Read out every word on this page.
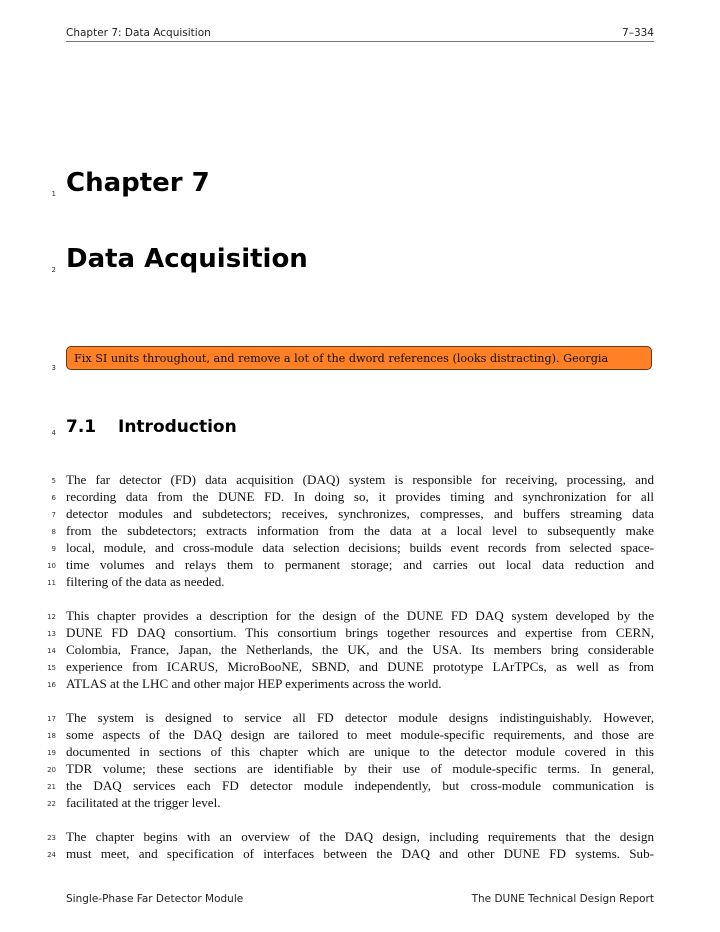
Chapter 7: Data Acquisition	7–334
1
2
3
4
5
6
7
8
9
10
11
12
13
14
15
16
17
18
19
20
21
22
23
24
Chapter 7
Data Acquisition
Fix SI units throughout, and remove a lot of the dword references (looks distracting). Georgia
7.1 Introduction
The far detector (FD) data acquisition (DAQ) system is responsible for receiving, processing, and
recording data from the DUNE FD. In doing so, it provides timing and synchronization for all
detector modules and subdetectors; receives, synchronizes, compresses, and buffers streaming data
from the subdetectors; extracts information from the data at a local level to subsequently make
local, module, and cross-module data selection decisions; builds event records from selected space-
time volumes and relays them to permanent storage; and carries out local data reduction and
filtering of the data as needed.
This chapter provides a description for the design of the DUNE FD DAQ system developed by the
DUNE FD DAQ consortium. This consortium brings together resources and expertise from CERN,
Colombia, France, Japan, the Netherlands, the UK, and the USA. Its members bring considerable
experience from ICARUS, MicroBooNE, SBND, and DUNE prototype LArTPCs, as well as from
ATLAS at the LHC and other major HEP experiments across the world.
The system is designed to service all FD detector module designs indistinguishably. However,
some aspects of the DAQ design are tailored to meet module-specific requirements, and those are
documented in sections of this chapter which are unique to the detector module covered in this
TDR volume; these sections are identifiable by their use of module-specific terms. In general,
the DAQ services each FD detector module independently, but cross-module communication is
facilitated at the trigger level.
The chapter begins with an overview of the DAQ design, including requirements that the design
must meet, and specification of interfaces between the DAQ and other DUNE FD systems. Sub-
Single-Phase Far Detector Module	The DUNE Technical Design Report
